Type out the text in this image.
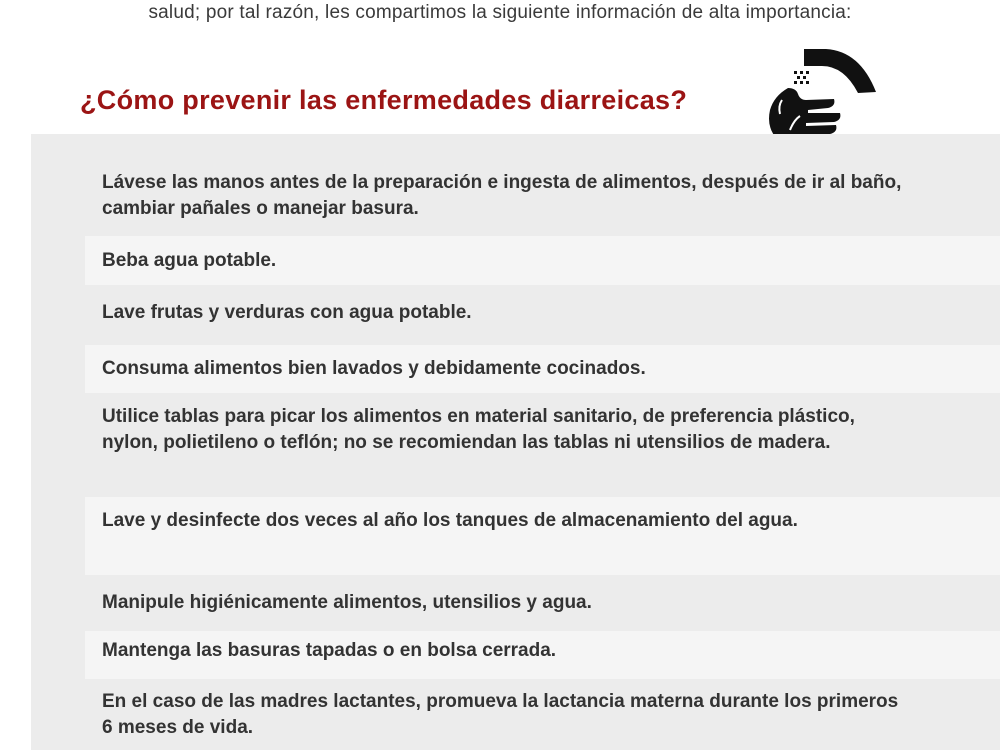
salud; por tal razón, les compartimos la siguiente información de alta importancia:
¿Cómo prevenir las enfermedades diarreicas?
Lávese las manos antes de la preparación e ingesta de alimentos, después de ir al baño, cambiar pañales o manejar basura.
Beba agua potable.
Lave frutas y verduras con agua potable.
Consuma alimentos bien lavados y debidamente cocinados.
Utilice tablas para picar los alimentos en material sanitario, de preferencia plástico, nylon, polietileno o teflón; no se recomiendan las tablas ni utensilios de madera.
Lave y desinfecte dos veces al año los tanques de almacenamiento del agua.
Manipule higiénicamente alimentos, utensilios y agua.
Mantenga las basuras tapadas o en bolsa cerrada.
En el caso de las madres lactantes, promueva la lactancia materna durante los primeros 6 meses de vida.
